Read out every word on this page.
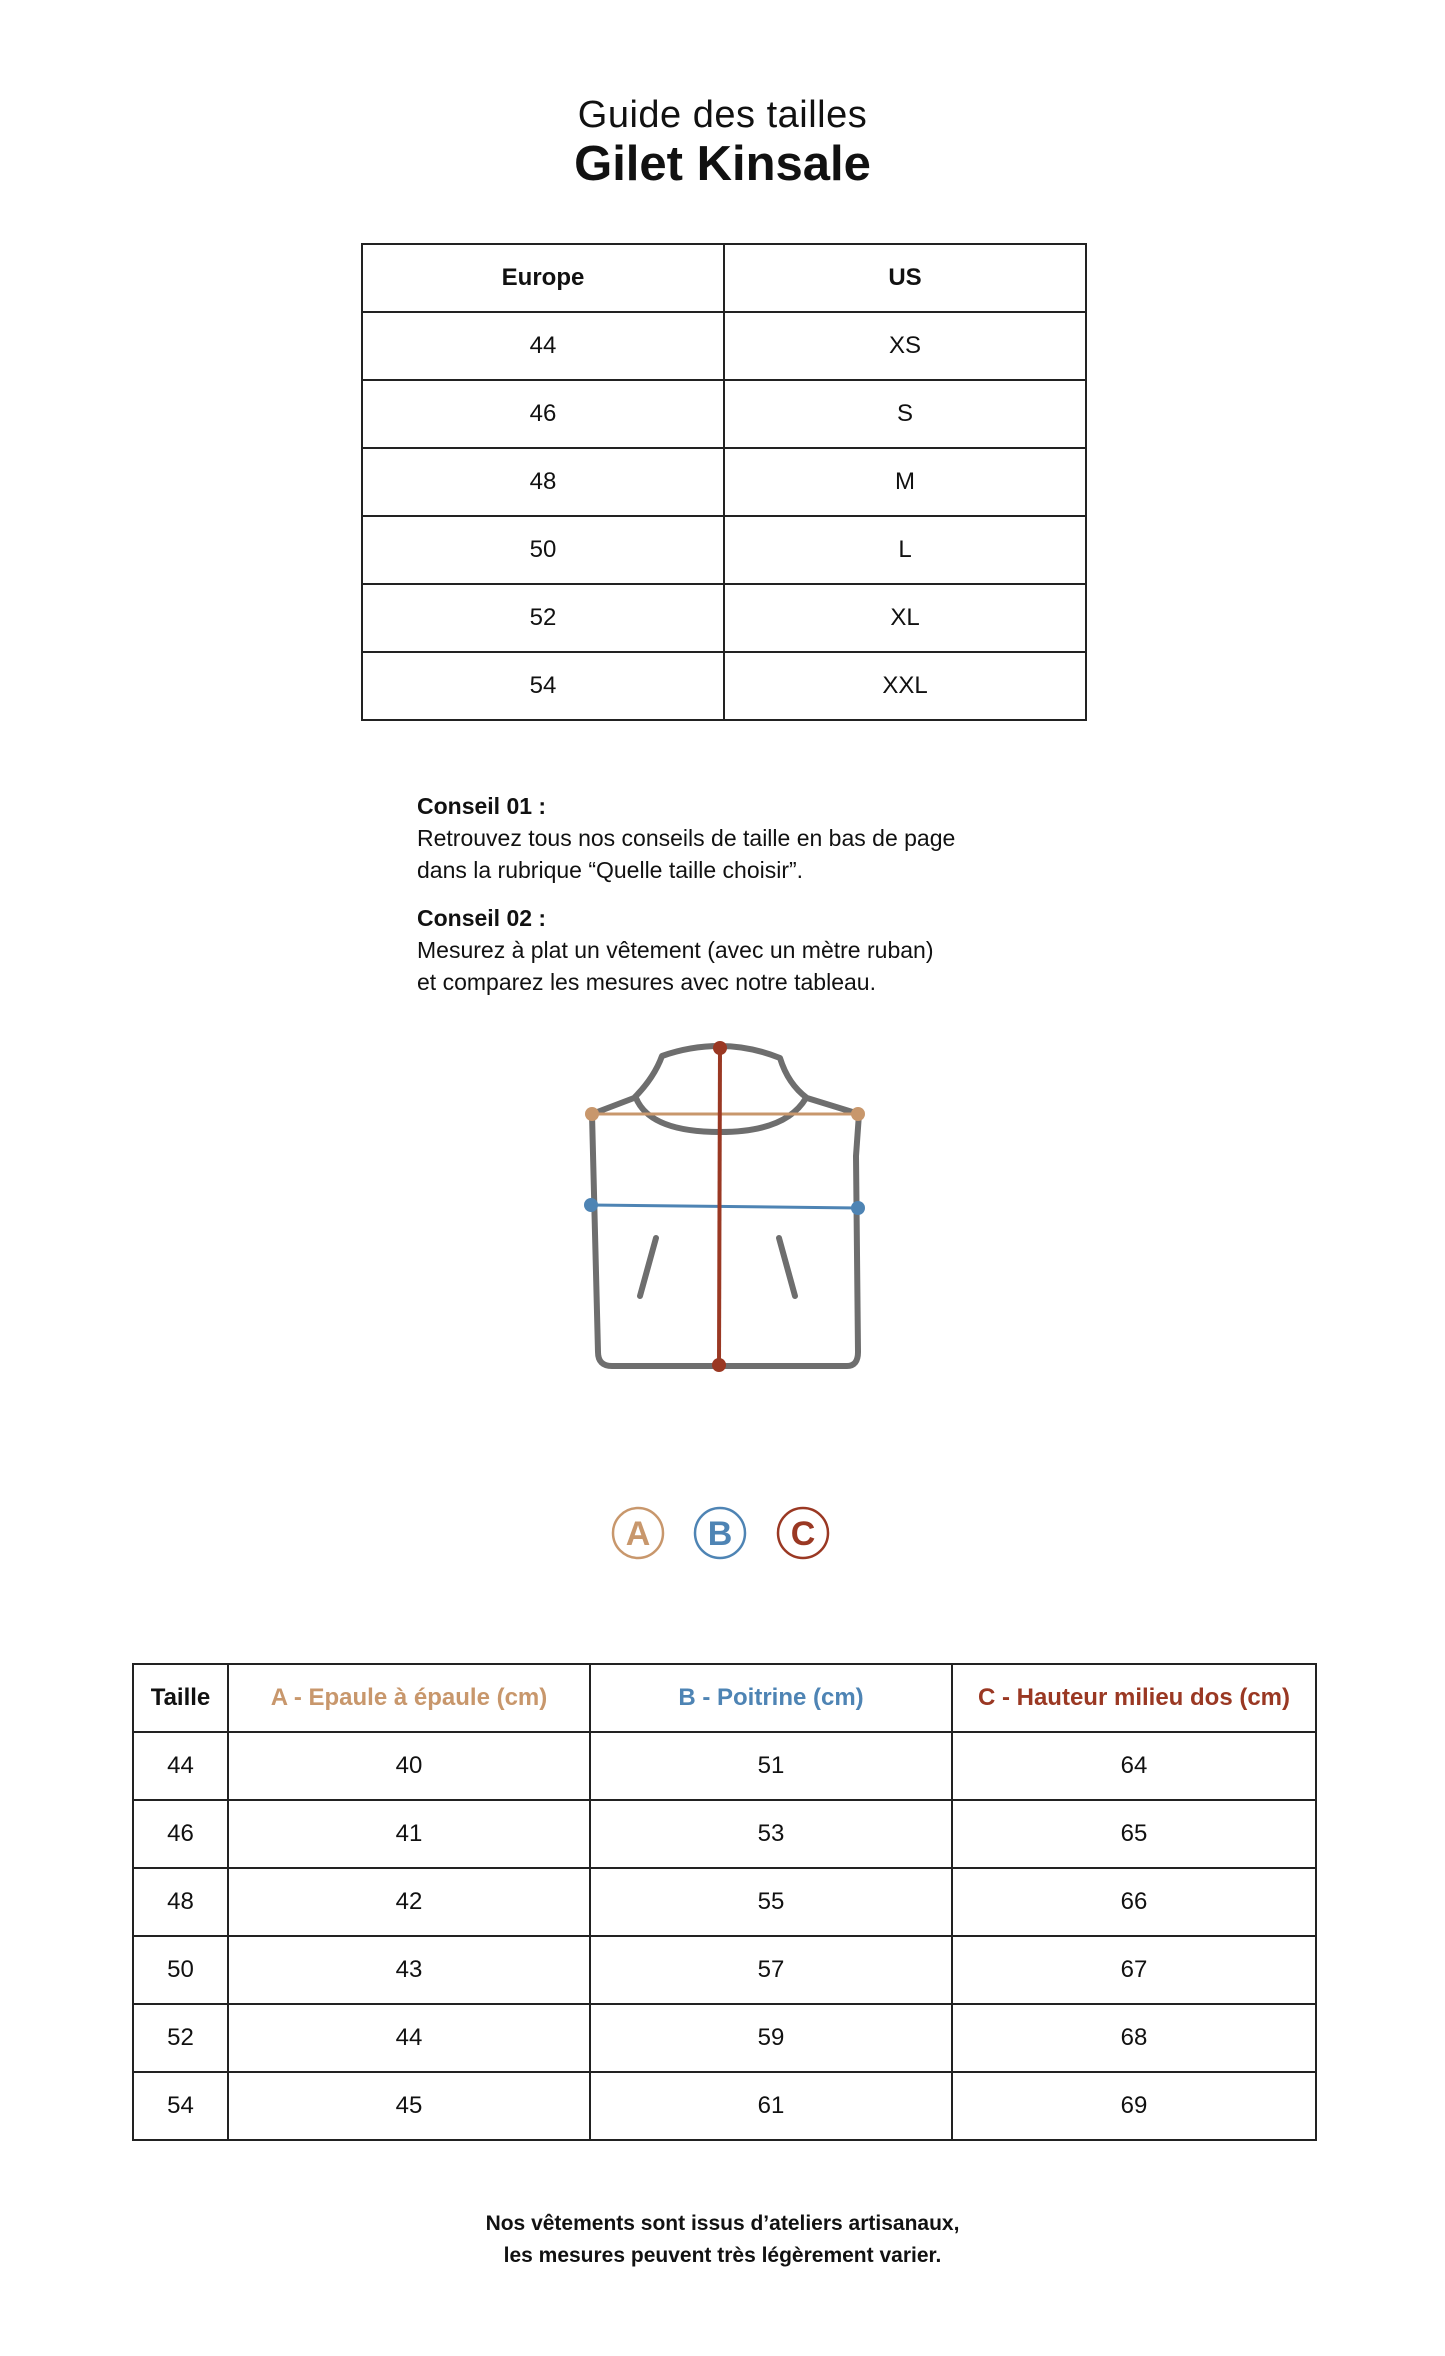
Guide des tailles
Gilet Kinsale
Europe	US
44	XS
46	S
48	M
50	L
52	XL
54	XXL
Conseil 01 :
Retrouvez tous nos conseils de taille en bas de page
dans la rubrique “Quelle taille choisir”.
Conseil 02 :
Mesurez à plat un vêtement (avec un mètre ruban)
et comparez les mesures avec notre tableau.
A B C
Taille	A - Epaule à épaule (cm)	B - Poitrine (cm)	C - Hauteur milieu dos (cm)
44	40	51	64
46	41	53	65
48	42	55	66
50	43	57	67
52	44	59	68
54	45	61	69
Nos vêtements sont issus d’ateliers artisanaux,
les mesures peuvent très légèrement varier.
